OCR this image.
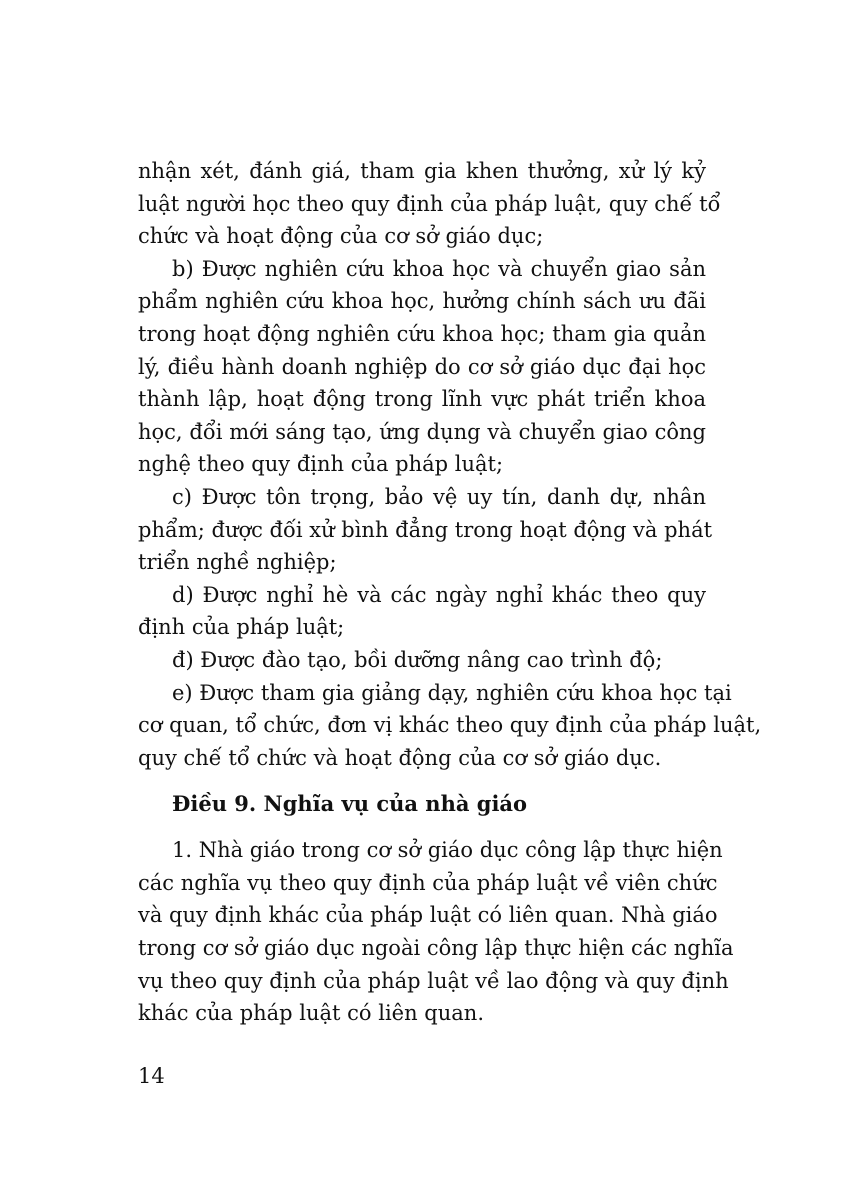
nhận xét, đánh giá, tham gia khen thưởng, xử lý kỷ
luật người học theo quy định của pháp luật, quy chế tổ
chức và hoạt động của cơ sở giáo dục;
b) Được nghiên cứu khoa học và chuyển giao sản
phẩm nghiên cứu khoa học, hưởng chính sách ưu đãi
trong hoạt động nghiên cứu khoa học; tham gia quản
lý, điều hành doanh nghiệp do cơ sở giáo dục đại học
thành lập, hoạt động trong lĩnh vực phát triển khoa
học, đổi mới sáng tạo, ứng dụng và chuyển giao công
nghệ theo quy định của pháp luật;
c) Được tôn trọng, bảo vệ uy tín, danh dự, nhân
phẩm; được đối xử bình đẳng trong hoạt động và phát
triển nghề nghiệp;
d) Được nghỉ hè và các ngày nghỉ khác theo quy
định của pháp luật;
đ) Được đào tạo, bồi dưỡng nâng cao trình độ;
e) Được tham gia giảng dạy, nghiên cứu khoa học tại
cơ quan, tổ chức, đơn vị khác theo quy định của pháp luật,
quy chế tổ chức và hoạt động của cơ sở giáo dục.
Điều 9. Nghĩa vụ của nhà giáo
1. Nhà giáo trong cơ sở giáo dục công lập thực hiện
các nghĩa vụ theo quy định của pháp luật về viên chức
và quy định khác của pháp luật có liên quan. Nhà giáo
trong cơ sở giáo dục ngoài công lập thực hiện các nghĩa
vụ theo quy định của pháp luật về lao động và quy định
khác của pháp luật có liên quan.
14
